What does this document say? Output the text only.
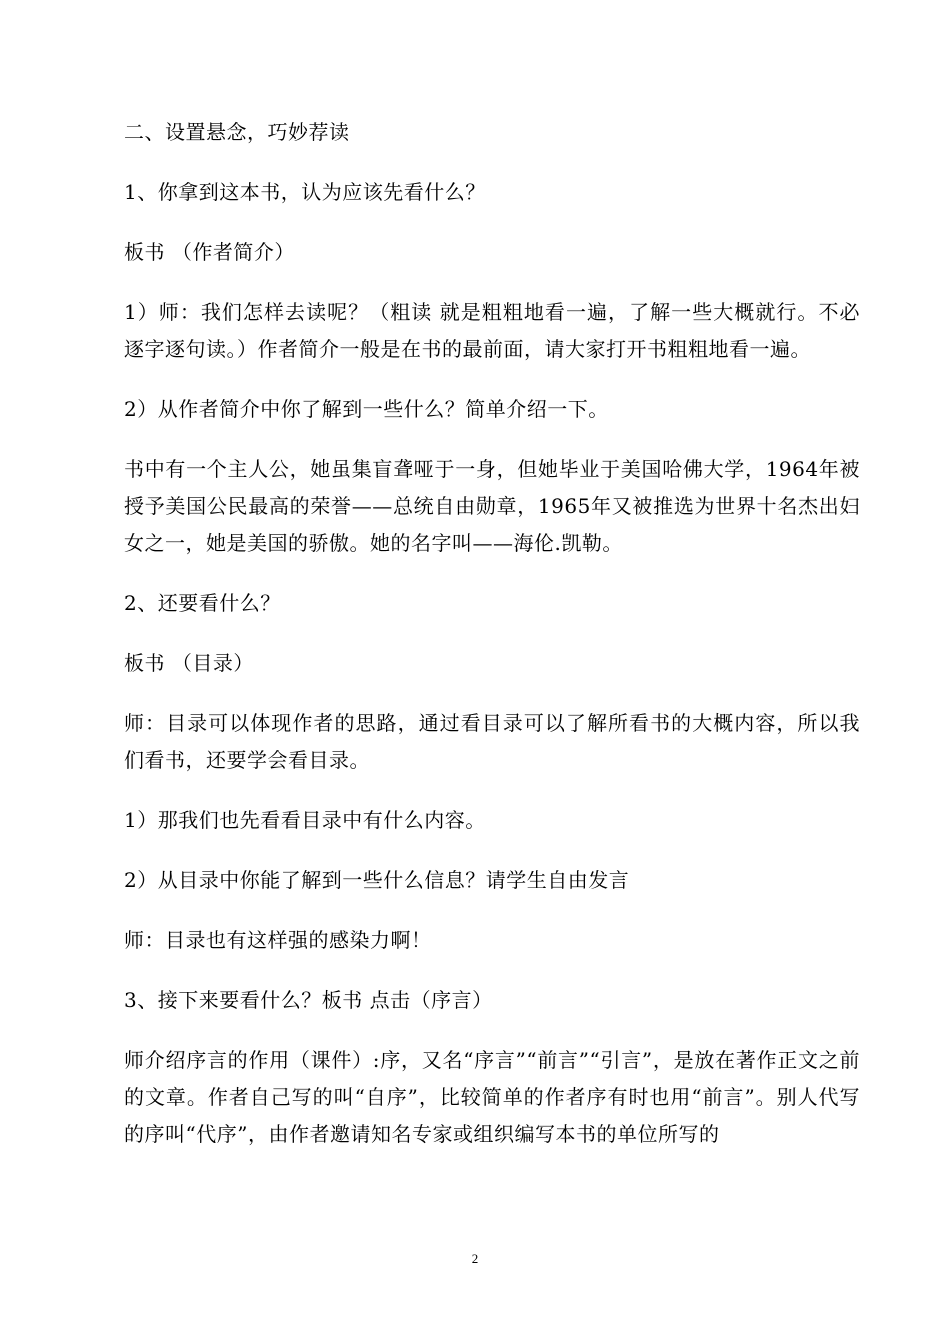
二、设置悬念，巧妙荐读

1、你拿到这本书，认为应该先看什么？

板书 （作者简介）

1）师：我们怎样去读呢？（粗读 就是粗粗地看一遍，了解一些大概就行。不必逐字逐句读。）作者简介一般是在书的最前面，请大家打开书粗粗地看一遍。

2）从作者简介中你了解到一些什么？简单介绍一下。

书中有一个主人公，她虽集盲聋哑于一身，但她毕业于美国哈佛大学，1964年被授予美国公民最高的荣誉——总统自由勋章，1965年又被推选为世界十名杰出妇女之一，她是美国的骄傲。她的名字叫——海伦.凯勒。

2、还要看什么？

板书 （目录）

师：目录可以体现作者的思路，通过看目录可以了解所看书的大概内容，所以我们看书，还要学会看目录。

1）那我们也先看看目录中有什么内容。

2）从目录中你能了解到一些什么信息？请学生自由发言

师：目录也有这样强的感染力啊！

3、接下来要看什么？板书 点击（序言）

师介绍序言的作用（课件）:序，又名“序言”“前言”“引言”，是放在著作正文之前的文章。作者自己写的叫“自序”，比较简单的作者序有时也用“前言”。别人代写的序叫“代序”，由作者邀请知名专家或组织编写本书的单位所写的

2
